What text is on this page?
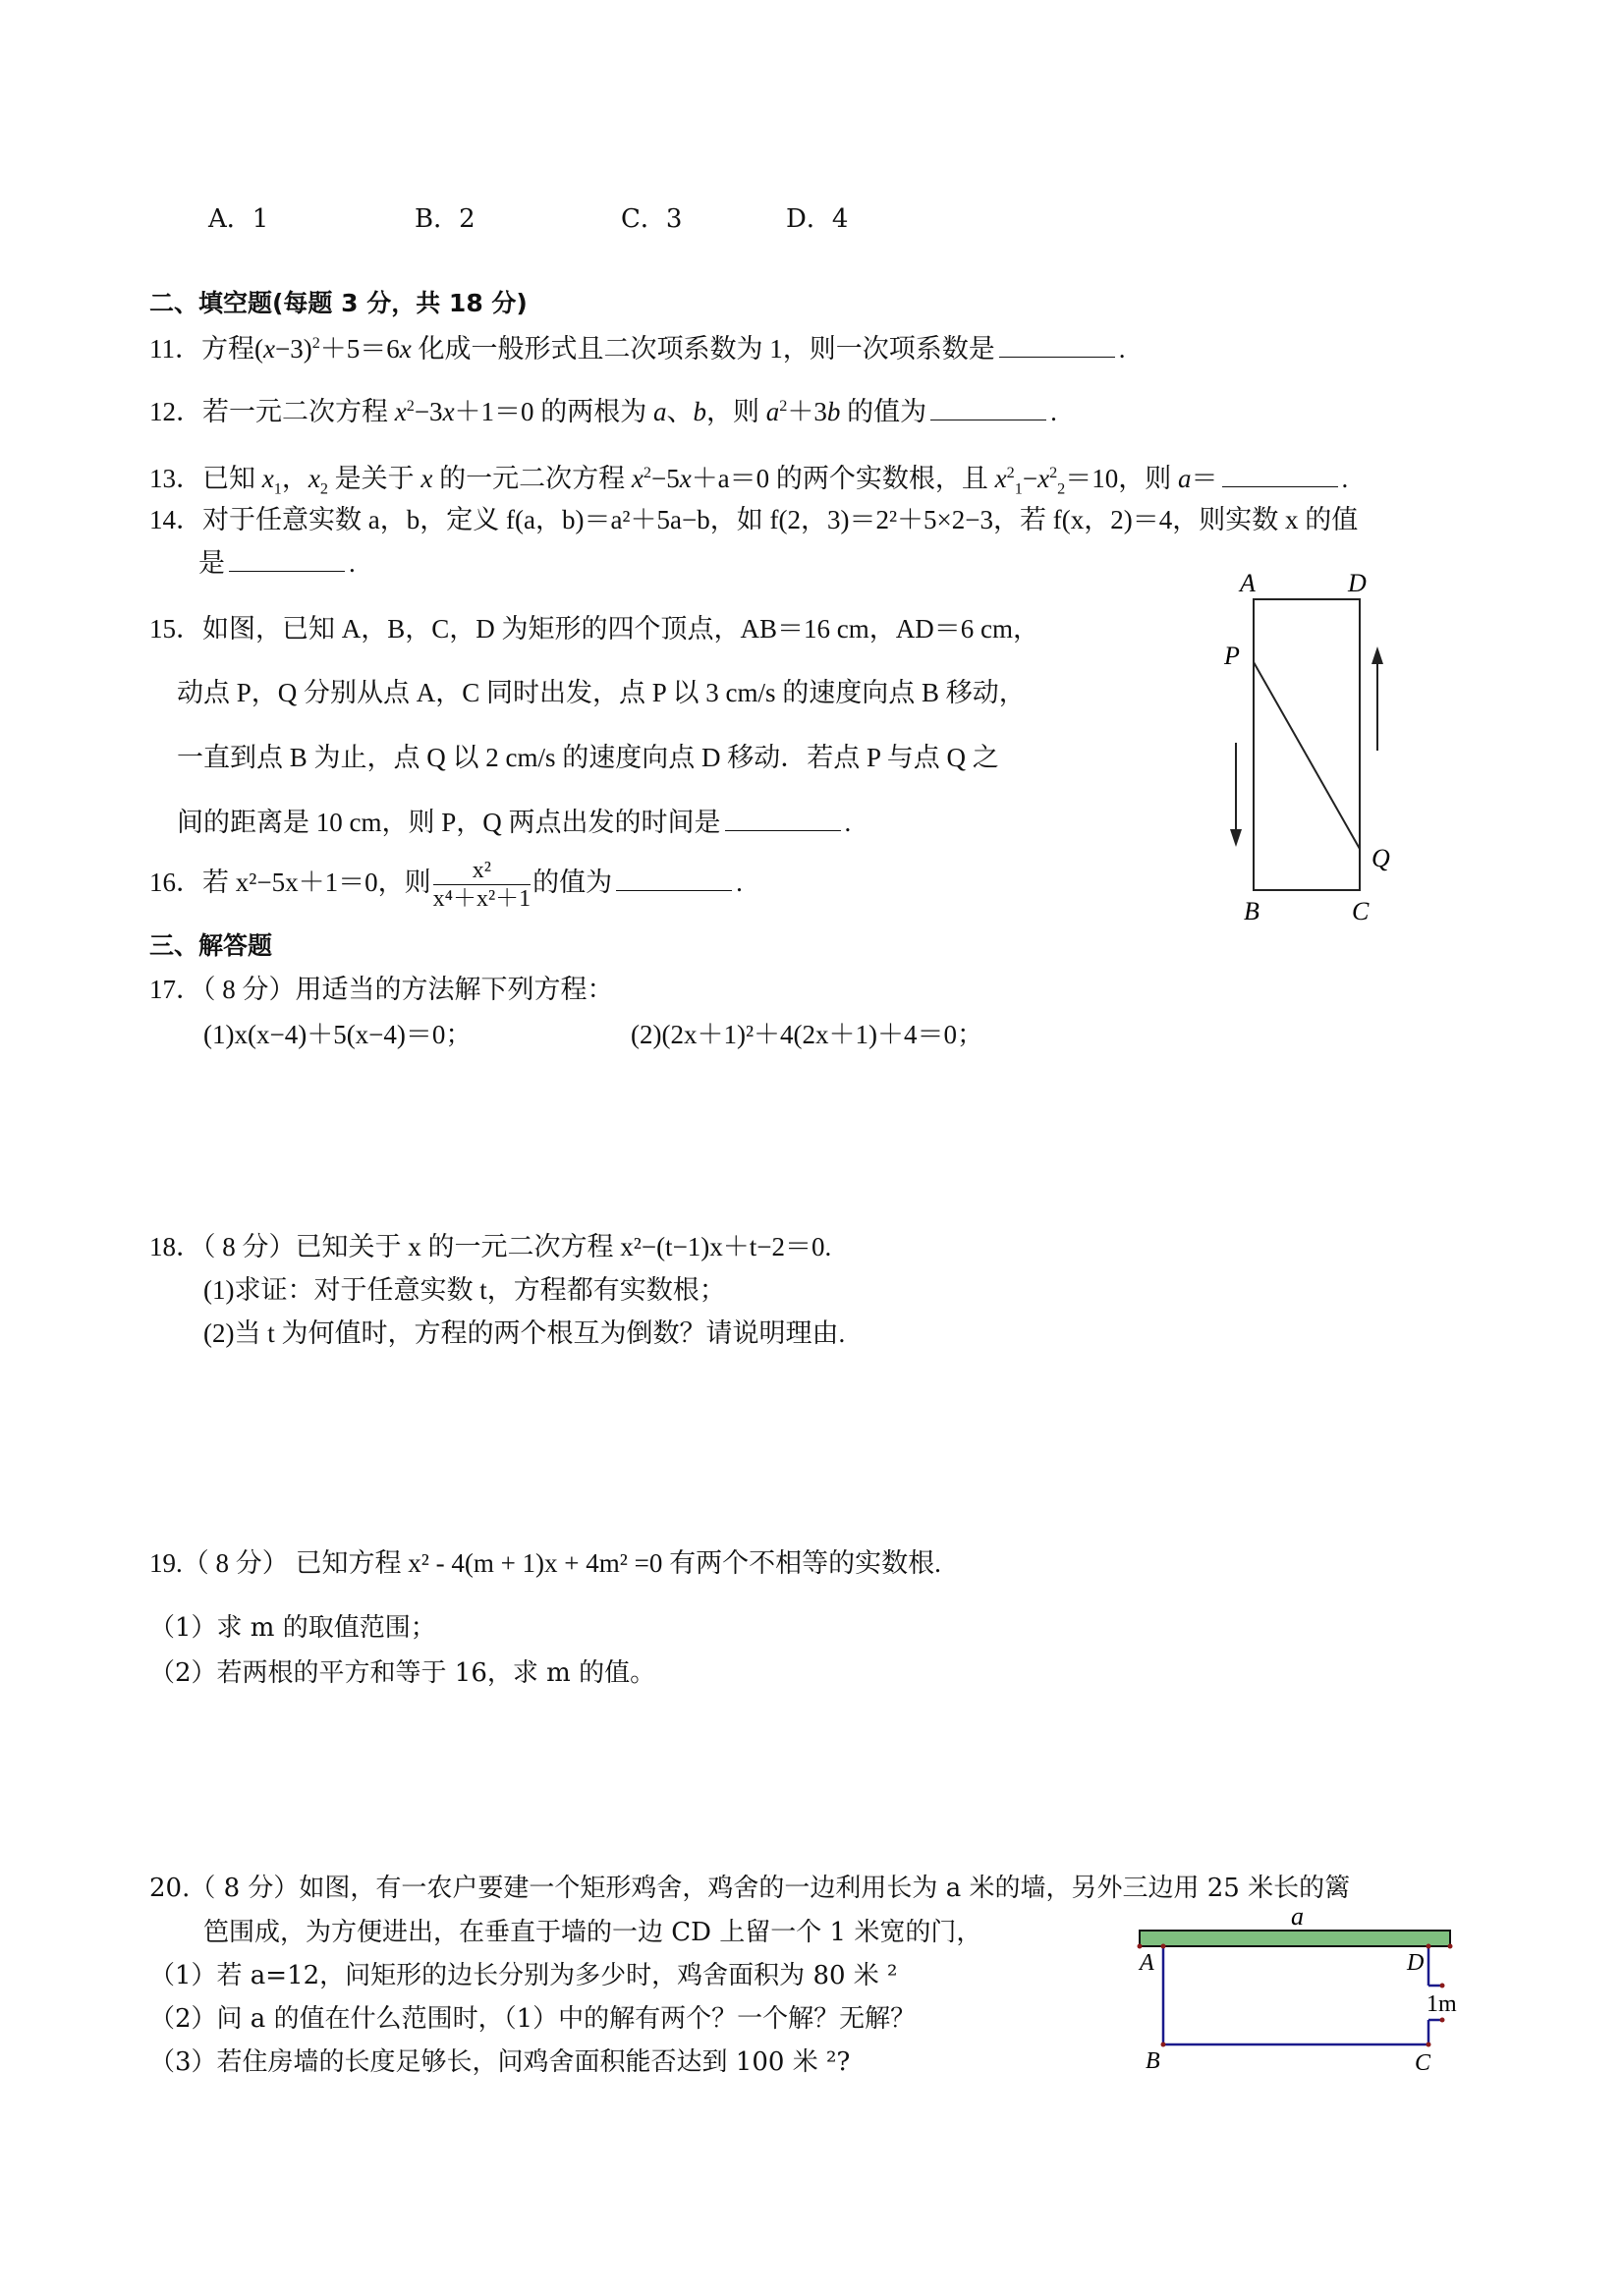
A．1	B．2	C．3	D．4
二、填空题(每题 3 分，共 18 分)
11．方程$(x-3)^2+5=6x$ 化成一般形式且二次项系数为 1，则一次项系数是	.
12．若一元二次方程 $x^2-3x+1=0$ 的两根为 a、b，则 $a^2+3b$ 的值为	.
13．已知 $x_1$，$x_2$ 是关于 x 的一元二次方程 $x^2-5x+a=0$ 的两个实数根，且 $x^2_1-x^2_2=10$，则 a＝	.
14．对于任意实数 a，b，定义 f(a，b)＝a²＋5a−b，如 f(2，3)＝2²＋5×2−3，若 f(x，2)＝4，则实数 x 的值
是	.
15．如图，已知 A，B，C，D 为矩形的四个顶点，AB＝16 cm，AD＝6 cm，
动点 P，Q 分别从点 A，C 同时出发，点 P 以 3 cm/s 的速度向点 B 移动，
一直到点 B 为止，点 Q 以 2 cm/s 的速度向点 D 移动．若点 P 与点 Q 之
间的距离是 10 cm，则 P，Q 两点出发的时间是	.
A	D
P
Q
B	C
16．若 x²−5x＋1＝0，则 $\frac{\text{x²}}{\text{x⁴＋x²＋1}}$ 的值为	.
三、解答题
17．（ 8 分）用适当的方法解下列方程：
(1)x(x−4)＋5(x−4)＝0；	(2)(2x＋1)²＋4(2x＋1)＋4＝0；
18．（ 8 分）已知关于 x 的一元二次方程 x²−(t−1)x＋t−2＝0.
(1)求证：对于任意实数 t，方程都有实数根；
(2)当 t 为何值时，方程的两个根互为倒数？请说明理由.
19.（ 8 分） 已知方程 x² - 4(m + 1)x + 4m² =0 有两个不相等的实数根.
（1）求 m 的取值范围；
（2）若两根的平方和等于 16，求 m 的值。
20.（ 8 分）如图，有一农户要建一个矩形鸡舍，鸡舍的一边利用长为 a 米的墙，另外三边用 25 米长的篱
笆围成，为方便进出，在垂直于墙的一边 CD 上留一个 1 米宽的门，
（1）若 a=12，问矩形的边长分别为多少时，鸡舍面积为 80 米 ²
（2）问 a 的值在什么范围时，（1）中的解有两个？一个解？无解？
（3）若住房墙的长度足够长，问鸡舍面积能否达到 100 米 ²?
a
A	D
1m
B	C
